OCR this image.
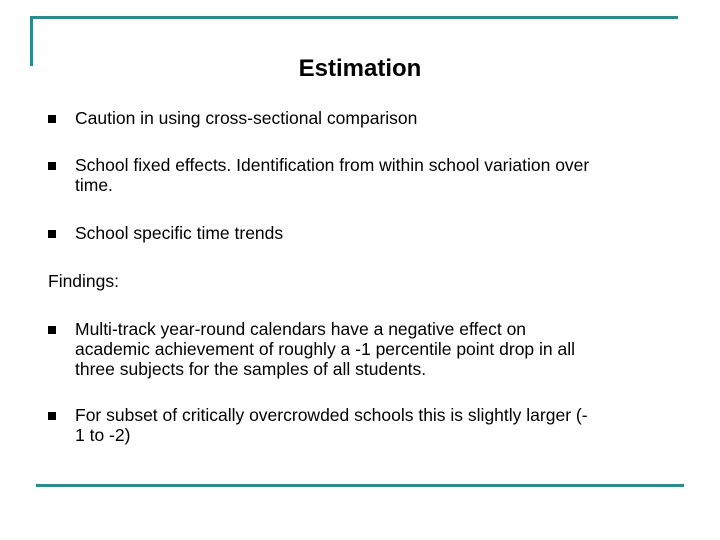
Estimation
Caution in using cross-sectional comparison
School fixed effects. Identification from within school variation over
time.
School specific time trends
Findings:
Multi-track year-round calendars have a negative effect on
academic achievement of roughly a -1 percentile point drop in all
three subjects for the samples of all students.
For subset of critically overcrowded schools this is slightly larger (-
1 to -2)
